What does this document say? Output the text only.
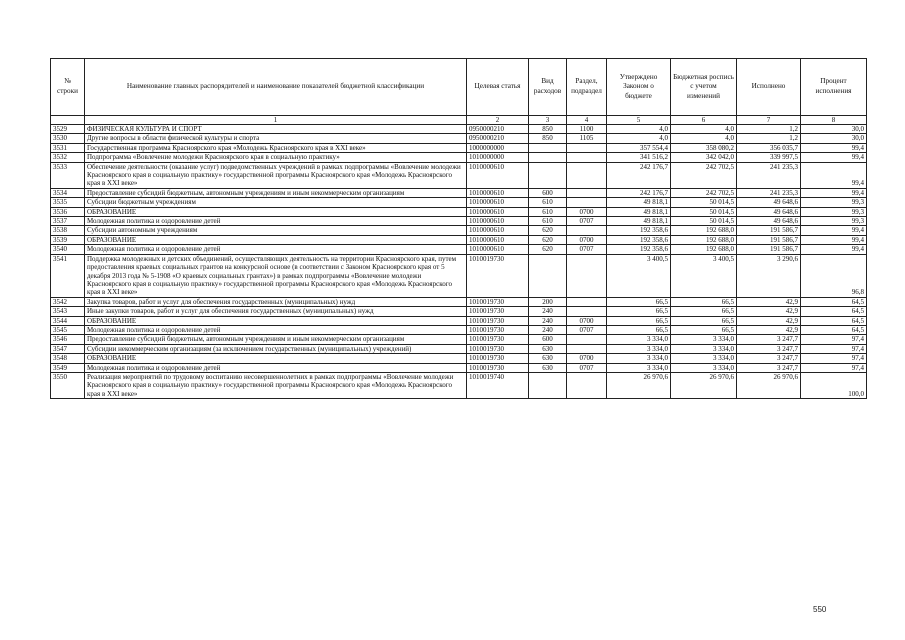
№ строки	Наименование главных распорядителей и наименование показателей бюджетной классификации	Целевая статья	Вид расходов	Раздел, подраздел	Утверждено Законом о бюджете	Бюджетная роспись с учетом изменений	Исполнено	Процент исполнения
	1	2	3	4	5	6	7	8
3529	ФИЗИЧЕСКАЯ КУЛЬТУРА И СПОРТ	0950000210	850	1100	4,0	4,0	1,2	30,0
3530	Другие вопросы в области физической культуры и спорта	0950000210	850	1105	4,0	4,0	1,2	30,0
3531	Государственная программа Красноярского края «Молодежь Красноярского края в XXI веке»	1000000000			357 554,4	358 080,2	356 035,7	99,4
3532	Подпрограмма «Вовлечение молодежи Красноярского края в социальную практику»	1010000000			341 516,2	342 042,0	339 997,5	99,4
3533	Обеспечение деятельности (оказание услуг) подведомственных учреждений в рамках подпрограммы «Вовлечение молодежи Красноярского края в социальную практику» государственной программы Красноярского края «Молодежь Красноярского края в XXI веке»	1010000610			242 176,7	242 702,5	241 235,3	99,4
3534	Предоставление субсидий бюджетным, автономным учреждениям и иным некоммерческим организациям	1010000610	600		242 176,7	242 702,5	241 235,3	99,4
3535	Субсидии бюджетным учреждениям	1010000610	610		49 818,1	50 014,5	49 648,6	99,3
3536	ОБРАЗОВАНИЕ	1010000610	610	0700	49 818,1	50 014,5	49 648,6	99,3
3537	Молодежная политика и оздоровление детей	1010000610	610	0707	49 818,1	50 014,5	49 648,6	99,3
3538	Субсидии автономным учреждениям	1010000610	620		192 358,6	192 688,0	191 586,7	99,4
3539	ОБРАЗОВАНИЕ	1010000610	620	0700	192 358,6	192 688,0	191 586,7	99,4
3540	Молодежная политика и оздоровление детей	1010000610	620	0707	192 358,6	192 688,0	191 586,7	99,4
3541	Поддержка молодежных и детских объединений, осуществляющих деятельность на территории Красноярского края, путем предоставления краевых социальных грантов на конкурсной основе (в соответствии с Законом Красноярского края от 5 декабря 2013 года № 5-1908 «О краевых социальных грантах») в рамках подпрограммы «Вовлечение молодежи Красноярского края в социальную практику» государственной программы Красноярского края «Молодежь Красноярского края в XXI веке»	1010019730			3 400,5	3 400,5	3 290,6	96,8
3542	Закупка товаров, работ и услуг для обеспечения государственных (муниципальных) нужд	1010019730	200		66,5	66,5	42,9	64,5
3543	Иные закупки товаров, работ и услуг для обеспечения государственных (муниципальных) нужд	1010019730	240		66,5	66,5	42,9	64,5
3544	ОБРАЗОВАНИЕ	1010019730	240	0700	66,5	66,5	42,9	64,5
3545	Молодежная политика и оздоровление детей	1010019730	240	0707	66,5	66,5	42,9	64,5
3546	Предоставление субсидий бюджетным, автономным учреждениям и иным некоммерческим организациям	1010019730	600		3 334,0	3 334,0	3 247,7	97,4
3547	Субсидии некоммерческим организациям (за исключением государственных (муниципальных) учреждений)	1010019730	630		3 334,0	3 334,0	3 247,7	97,4
3548	ОБРАЗОВАНИЕ	1010019730	630	0700	3 334,0	3 334,0	3 247,7	97,4
3549	Молодежная политика и оздоровление детей	1010019730	630	0707	3 334,0	3 334,0	3 247,7	97,4
3550	Реализация мероприятий по трудовому воспитанию несовершеннолетних в рамках подпрограммы «Вовлечение молодежи Красноярского края в социальную практику» государственной программы Красноярского края «Молодежь Красноярского края в XXI веке»	1010019740			26 970,6	26 970,6	26 970,6	100,0
550
